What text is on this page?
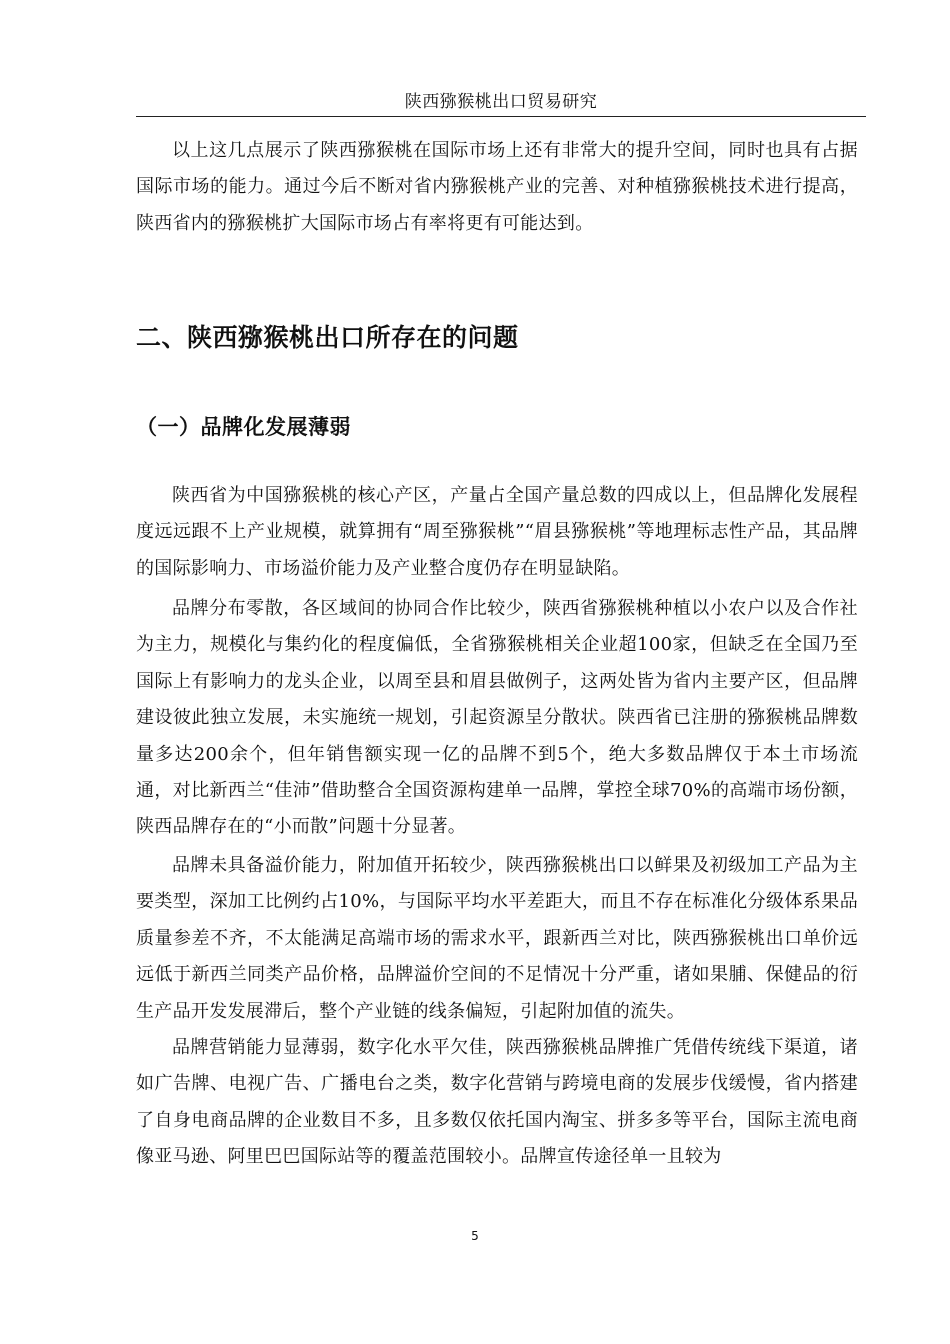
陕西猕猴桃出口贸易研究

以上这几点展示了陕西猕猴桃在国际市场上还有非常大的提升空间，同时也具有占据国际市场的能力。通过今后不断对省内猕猴桃产业的完善、对种植猕猴桃技术进行提高，陕西省内的猕猴桃扩大国际市场占有率将更有可能达到。

二、陕西猕猴桃出口所存在的问题
（一）品牌化发展薄弱

陕西省为中国猕猴桃的核心产区，产量占全国产量总数的四成以上，但品牌化发展程度远远跟不上产业规模，就算拥有“周至猕猴桃”“眉县猕猴桃”等地理标志性产品，其品牌的国际影响力、市场溢价能力及产业整合度仍存在明显缺陷。

品牌分布零散，各区域间的协同合作比较少，陕西省猕猴桃种植以小农户以及合作社为主力，规模化与集约化的程度偏低，全省猕猴桃相关企业超100家，但缺乏在全国乃至国际上有影响力的龙头企业，以周至县和眉县做例子，这两处皆为省内主要产区，但品牌建设彼此独立发展，未实施统一规划，引起资源呈分散状。陕西省已注册的猕猴桃品牌数量多达200余个，但年销售额实现一亿的品牌不到5个，绝大多数品牌仅于本土市场流通，对比新西兰“佳沛”借助整合全国资源构建单一品牌，掌控全球70%的高端市场份额，陕西品牌存在的“小而散”问题十分显著。

品牌未具备溢价能力，附加值开拓较少，陕西猕猴桃出口以鲜果及初级加工产品为主要类型，深加工比例约占10%，与国际平均水平差距大，而且不存在标准化分级体系果品质量参差不齐，不太能满足高端市场的需求水平，跟新西兰对比，陕西猕猴桃出口单价远远低于新西兰同类产品价格，品牌溢价空间的不足情况十分严重，诸如果脯、保健品的衍生产品开发发展滞后，整个产业链的线条偏短，引起附加值的流失。

品牌营销能力显薄弱，数字化水平欠佳，陕西猕猴桃品牌推广凭借传统线下渠道，诸如广告牌、电视广告、广播电台之类，数字化营销与跨境电商的发展步伐缓慢，省内搭建了自身电商品牌的企业数目不多，且多数仅依托国内淘宝、拼多多等平台，国际主流电商像亚马逊、阿里巴巴国际站等的覆盖范围较小。品牌宣传途径单一且较为

5
